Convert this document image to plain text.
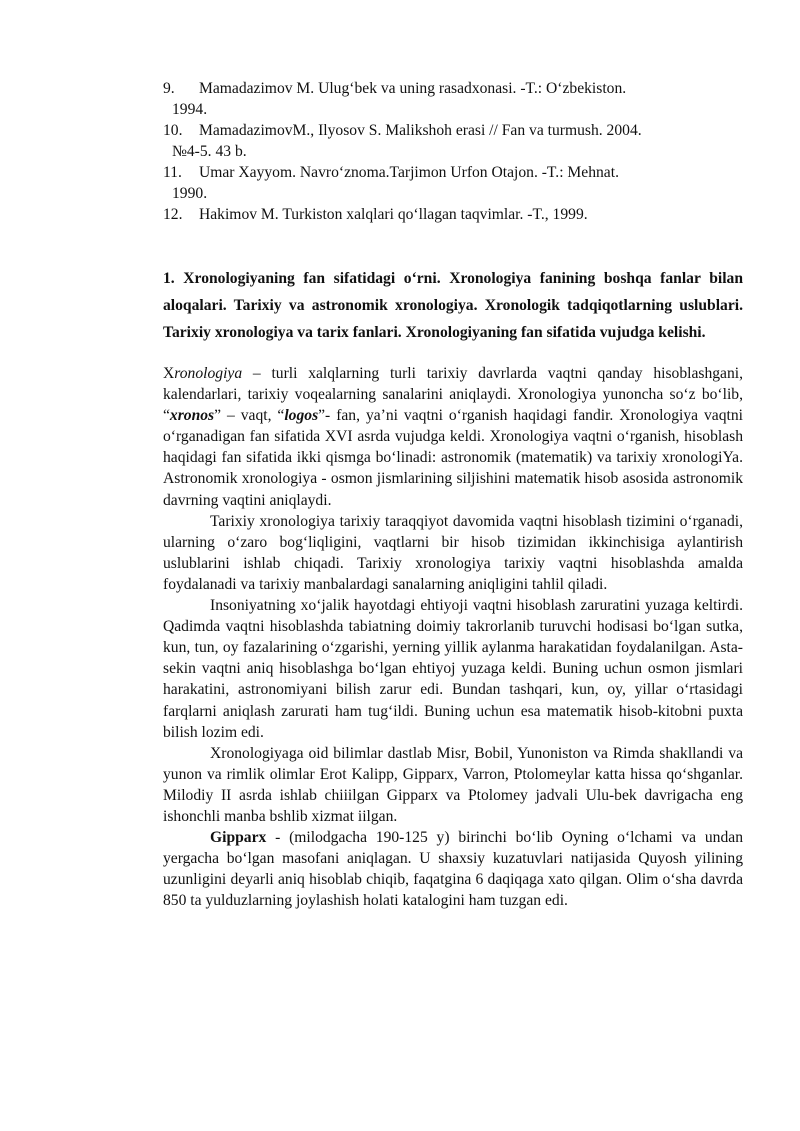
9. Mamadazimov M. Ulug‘bek va uning rasadxonasi. -T.: O‘zbekiston.
1994.
10. MamadazimovM., Ilyosov S. Malikshoh erasi // Fan va turmush. 2004.
№4-5. 43 b.
11. Umar Xayyom. Navro‘znoma.Tarjimon Urfon Otajon. -T.: Mehnat.
1990.
12. Hakimov M. Turkiston xalqlari qo‘llagan taqvimlar. -T., 1999.
1. Xronologiyaning fan sifatidagi o‘rni. Xronologiya fanining boshqa fanlar bilan aloqalari. Tarixiy va astronomik xronologiya. Xronologik tadqiqotlarning uslublari. Tarixiy xronologiya va tarix fanlari. Xronologiyaning fan sifatida vujudga kelishi.

Xronologiya – turli xalqlarning turli tarixiy davrlarda vaqtni qanday hisoblashgani, kalendarlari, tarixiy voqealarning sanalarini aniqlaydi. Xronologiya yunoncha so‘z bo‘lib, “xronos” – vaqt, “logos”- fan, ya’ni vaqtni o‘rganish haqidagi fandir. Xronologiya vaqtni o‘rganadigan fan sifatida XVI asrda vujudga keldi. Xronologiya vaqtni o‘rganish, hisoblash haqidagi fan sifatida ikki qismga bo‘linadi: astronomik (matematik) va tarixiy xronologiYa. Astronomik xronologiya - osmon jismlarining siljishini matematik hisob asosida astronomik davrning vaqtini aniqlaydi.

Tarixiy xronologiya tarixiy taraqqiyot davomida vaqtni hisoblash tizimini o‘rganadi, ularning o‘zaro bog‘liqligini, vaqtlarni bir hisob tizimidan ikkinchisiga aylantirish uslublarini ishlab chiqadi. Tarixiy xronologiya tarixiy vaqtni hisoblashda amalda foydalanadi va tarixiy manbalardagi sanalarning aniqligini tahlil qiladi.

Insoniyatning xo‘jalik hayotdagi ehtiyoji vaqtni hisoblash zaruratini yuzaga keltirdi. Qadimda vaqtni hisoblashda tabiatning doimiy takrorlanib turuvchi hodisasi bo‘lgan sutka, kun, tun, oy fazalarining o‘zgarishi, yerning yillik aylanma harakatidan foydalanilgan. Asta-sekin vaqtni aniq hisoblashga bo‘lgan ehtiyoj yuzaga keldi. Buning uchun osmon jismlari harakatini, astronomiyani bilish zarur edi. Bundan tashqari, kun, oy, yillar o‘rtasidagi farqlarni aniqlash zarurati ham tug‘ildi. Buning uchun esa matematik hisob-kitobni puxta bilish lozim edi.

Xronologiyaga oid bilimlar dastlab Misr, Bobil, Yunoniston va Rimda shakllandi va yunon va rimlik olimlar Erot Kalipp, Gipparx, Varron, Ptolomeylar katta hissa qo‘shganlar. Milodiy II asrda ishlab chiiilgan Gipparx va Ptolomey jadvali Ulu-bek davrigacha eng ishonchli manba bshlib xizmat iilgan.

Gipparx - (milodgacha 190-125 y) birinchi bo‘lib Oyning o‘lchami va undan yergacha bo‘lgan masofani aniqlagan. U shaxsiy kuzatuvlari natijasida Quyosh yilining uzunligini deyarli aniq hisoblab chiqib, faqatgina 6 daqiqaga xato qilgan. Olim o‘sha davrda 850 ta yulduzlarning joylashish holati katalogini ham tuzgan edi.
